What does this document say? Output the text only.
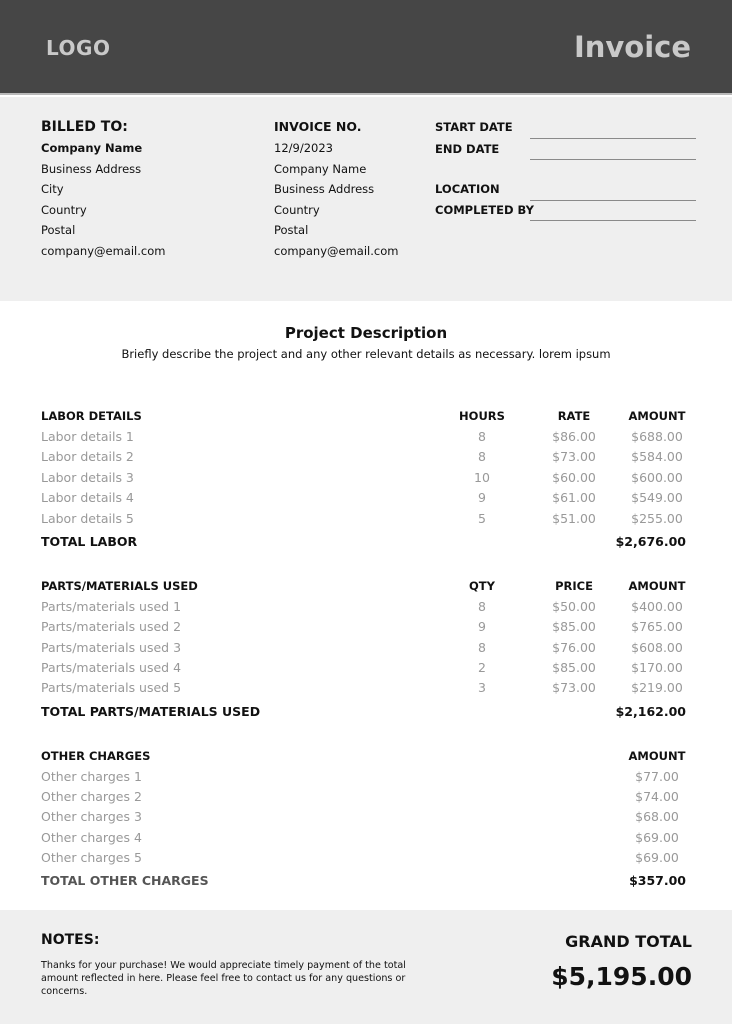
LOGO	Invoice
BILLED TO:
Company Name
Business Address
City
Country
Postal
company@email.com
INVOICE NO.
12/9/2023
Company Name
Business Address
Country
Postal
company@email.com
START DATE
END DATE
LOCATION
COMPLETED BY
Project Description
Briefly describe the project and any other relevant details as necessary. lorem ipsum
LABOR DETAILS	HOURS	RATE	AMOUNT
Labor details 1	8	$86.00	$688.00
Labor details 2	8	$73.00	$584.00
Labor details 3	10	$60.00	$600.00
Labor details 4	9	$61.00	$549.00
Labor details 5	5	$51.00	$255.00
TOTAL LABOR	$2,676.00
PARTS/MATERIALS USED	QTY	PRICE	AMOUNT
Parts/materials used 1	8	$50.00	$400.00
Parts/materials used 2	9	$85.00	$765.00
Parts/materials used 3	8	$76.00	$608.00
Parts/materials used 4	2	$85.00	$170.00
Parts/materials used 5	3	$73.00	$219.00
TOTAL PARTS/MATERIALS USED	$2,162.00
OTHER CHARGES	AMOUNT
Other charges 1	$77.00
Other charges 2	$74.00
Other charges 3	$68.00
Other charges 4	$69.00
Other charges 5	$69.00
TOTAL OTHER CHARGES	$357.00
NOTES:
Thanks for your purchase! We would appreciate timely payment of the total amount reflected in here. Please feel free to contact us for any questions or concerns.
GRAND TOTAL
$5,195.00
